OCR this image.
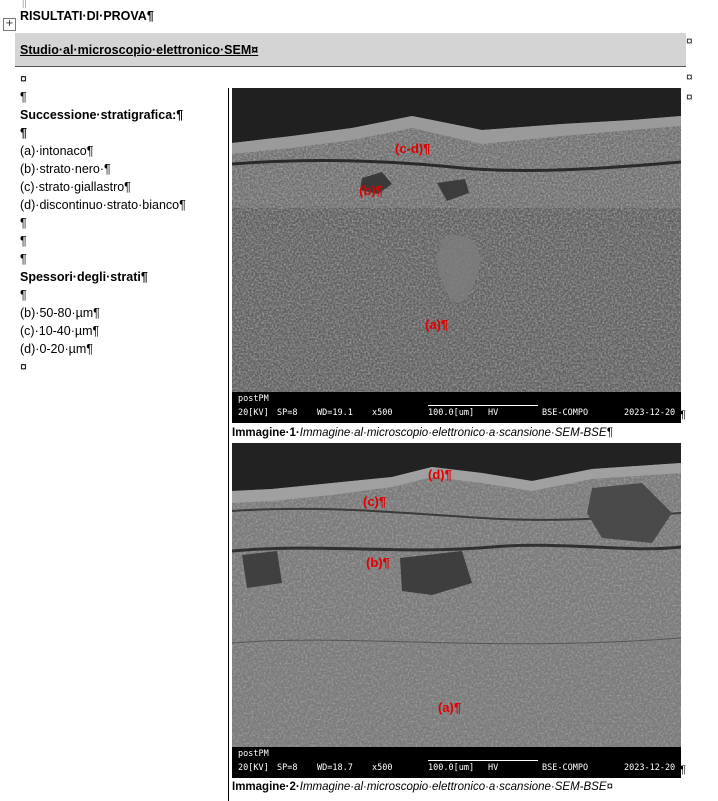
||
+
RISULTATI·DI·PROVA¶
Studio·al·microscopio·elettronico·SEM¤
¤
¤
¤
¤
¶
Successione·stratigrafica:¶
¶
(a)·intonaco¶
(b)·strato·nero·¶
(c)·strato·giallastro¶
(d)·discontinuo·strato·bianco¶
¶
¶
¶
Spessori·degli·strati¶
¶
(b)·50-80·µm¶
(c)·10-40·µm¶
(d)·0-20·µm¶
¤
(c-d)¶
(b)¶
(a)¶
postPM
20[KV] SP=8 WD=19.1 x500	100.0[um] HV	BSE-COMPO	2023-12-20 ¶
Immagine·1·Immagine·al·microscopio·elettronico·a·scansione·SEM-BSE¶
(d)¶
(c)¶
(b)¶
(a)¶
postPM
20[KV] SP=8 WD=18.7 x500	100.0[um] HV	BSE-COMPO	2023-12-20 ¶
Immagine·2·Immagine·al·microscopio·elettronico·a·scansione·SEM-BSE¤
